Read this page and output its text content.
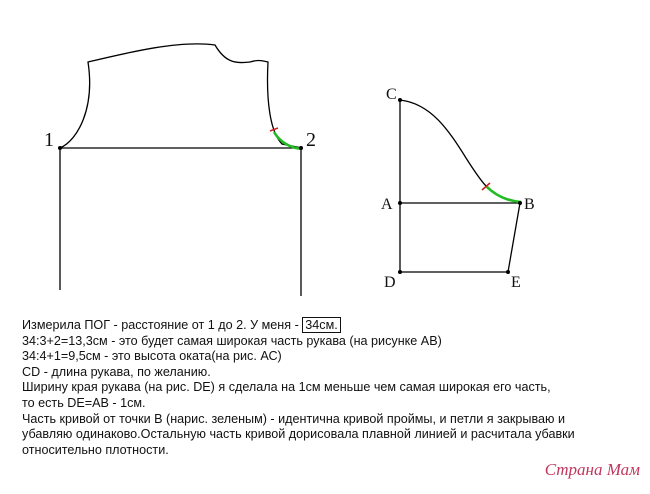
1	2
C
A	B
D	E
Измерила ПОГ - расстояние от 1 до 2. У меня - 34см.
34:3+2=13,3см - это будет самая широкая часть рукава (на рисунке АВ)
34:4+1=9,5см - это высота оката(на рис. АС)
CD - длина рукава, по желанию.
Ширину края рукава (на рис. DE) я сделала на 1см меньше чем самая широкая его часть,
то есть DE=AB - 1см.
Часть кривой от точки B (нарис. зеленым) - идентична кривой проймы, и петли я закрываю и
убавляю одинаково.Остальную часть кривой дорисовала плавной линией и расчитала убавки
относительно плотности.
Страна Мам
